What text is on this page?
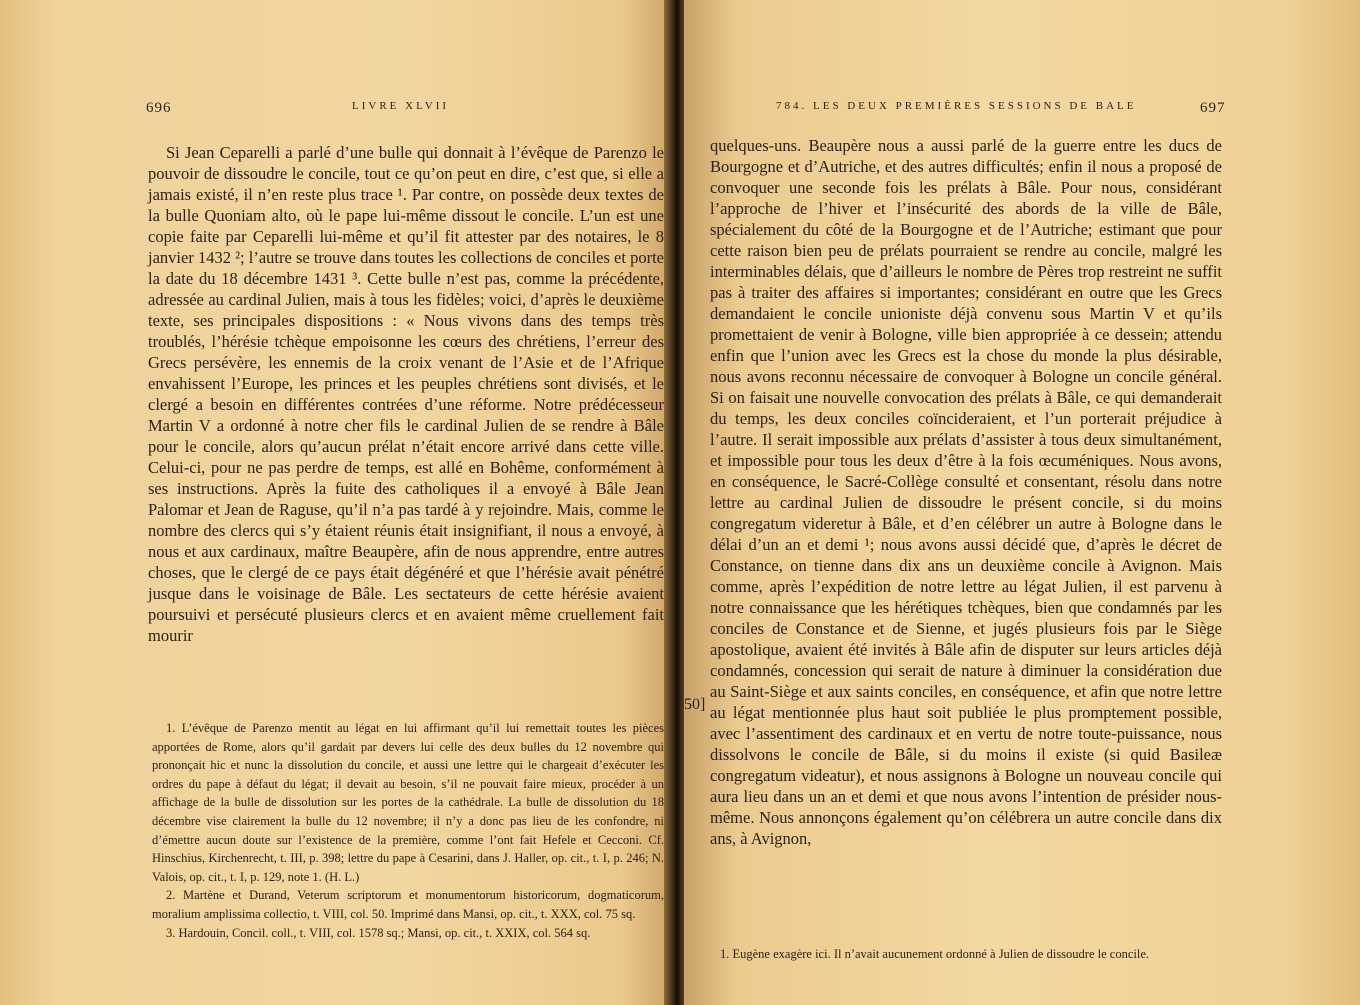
696	LIVRE XLVII

Si Jean Ceparelli a parlé d’une bulle qui donnait à l’évêque de Parenzo le pouvoir de dissoudre le concile, tout ce qu’on peut en dire, c’est que, si elle a jamais existé, il n’en reste plus trace ¹. Par contre, on possède deux textes de la bulle Quoniam alto, où le pape lui-même dissout le concile. L’un est une copie faite par Ceparelli lui-même et qu’il fit attester par des notaires, le 8 janvier 1432 ²; l’autre se trouve dans toutes les collections de conciles et porte la date du 18 décembre 1431 ³. Cette bulle n’est pas, comme la précédente, adressée au cardinal Julien, mais à tous les fidèles; voici, d’après le deuxième texte, ses principales dispositions : « Nous vivons dans des temps très troublés, l’hérésie tchèque empoisonne les cœurs des chrétiens, l’erreur des Grecs persévère, les ennemis de la croix venant de l’Asie et de l’Afrique envahissent l’Europe, les princes et les peuples chrétiens sont divisés, et le clergé a besoin en différentes contrées d’une réforme. Notre prédécesseur Martin V a ordonné à notre cher fils le cardinal Julien de se rendre à Bâle pour le concile, alors qu’aucun prélat n’était encore arrivé dans cette ville. Celui-ci, pour ne pas perdre de temps, est allé en Bohême, conformément à ses instructions. Après la fuite des catholiques il a envoyé à Bâle Jean Palomar et Jean de Raguse, qu’il n’a pas tardé à y rejoindre. Mais, comme le nombre des clercs qui s’y étaient réunis était insignifiant, il nous a envoyé, à nous et aux cardinaux, maître Beaupère, afin de nous apprendre, entre autres choses, que le clergé de ce pays était dégénéré et que l’hérésie avait pénétré jusque dans le voisinage de Bâle. Les sectateurs de cette hérésie avaient poursuivi et persécuté plusieurs clercs et en avaient même cruellement fait mourir

1. L’évêque de Parenzo mentit au légat en lui affirmant qu’il lui remettait toutes les pièces apportées de Rome, alors qu’il gardait par devers lui celle des deux bulles du 12 novembre qui prononçait hic et nunc la dissolution du concile, et aussi une lettre qui le chargeait d’exécuter les ordres du pape à défaut du légat; il devait au besoin, s’il ne pouvait faire mieux, procéder à un affichage de la bulle de dissolution sur les portes de la cathédrale. La bulle de dissolution du 18 décembre vise clairement la bulle du 12 novembre; il n’y a donc pas lieu de les confondre, ni d’émettre aucun doute sur l’existence de la première, comme l’ont fait Hefele et Cecconi. Cf. Hinschius, Kirchenrecht, t. III, p. 398; lettre du pape à Cesarini, dans J. Haller, op. cit., t. I, p. 246; N. Valois, op. cit., t. I, p. 129, note 1. (H. L.)

2. Martène et Durand, Veterum scriptorum et monumentorum historicorum, dogmaticorum, moralium amplissima collectio, t. VIII, col. 50. Imprimé dans Mansi, op. cit., t. XXX, col. 75 sq.

3. Hardouin, Concil. coll., t. VIII, col. 1578 sq.; Mansi, op. cit., t. XXIX, col. 564 sq.

784. LES DEUX PREMIÈRES SESSIONS DE BALE	697
50]

quelques-uns. Beaupère nous a aussi parlé de la guerre entre les ducs de Bourgogne et d’Autriche, et des autres difficultés; enfin il nous a proposé de convoquer une seconde fois les prélats à Bâle. Pour nous, considérant l’approche de l’hiver et l’insécurité des abords de la ville de Bâle, spécialement du côté de la Bourgogne et de l’Autriche; estimant que pour cette raison bien peu de prélats pourraient se rendre au concile, malgré les interminables délais, que d’ailleurs le nombre de Pères trop restreint ne suffit pas à traiter des affaires si importantes; considérant en outre que les Grecs demandaient le concile unioniste déjà convenu sous Martin V et qu’ils promettaient de venir à Bologne, ville bien appropriée à ce dessein; attendu enfin que l’union avec les Grecs est la chose du monde la plus désirable, nous avons reconnu nécessaire de convoquer à Bologne un concile général. Si on faisait une nouvelle convocation des prélats à Bâle, ce qui demanderait du temps, les deux conciles coïncideraient, et l’un porterait préjudice à l’autre. Il serait impossible aux prélats d’assister à tous deux simultanément, et impossible pour tous les deux d’être à la fois œcuméniques. Nous avons, en conséquence, le Sacré-Collège consulté et consentant, résolu dans notre lettre au cardinal Julien de dissoudre le présent concile, si du moins congregatum videretur à Bâle, et d’en célébrer un autre à Bologne dans le délai d’un an et demi ¹; nous avons aussi décidé que, d’après le décret de Constance, on tienne dans dix ans un deuxième concile à Avignon. Mais comme, après l’expédition de notre lettre au légat Julien, il est parvenu à notre connaissance que les hérétiques tchèques, bien que condamnés par les conciles de Constance et de Sienne, et jugés plusieurs fois par le Siège apostolique, avaient été invités à Bâle afin de disputer sur leurs articles déjà condamnés, concession qui serait de nature à diminuer la considération due au Saint-Siège et aux saints conciles, en conséquence, et afin que notre lettre au légat mentionnée plus haut soit publiée le plus promptement possible, avec l’assentiment des cardinaux et en vertu de notre toute-puissance, nous dissolvons le concile de Bâle, si du moins il existe (si quid Basileæ congregatum videatur), et nous assignons à Bologne un nouveau concile qui aura lieu dans un an et demi et que nous avons l’intention de présider nous-même. Nous annonçons également qu’on célébrera un autre concile dans dix ans, à Avignon,

1. Eugène exagère ici. Il n’avait aucunement ordonné à Julien de dissoudre le concile.
